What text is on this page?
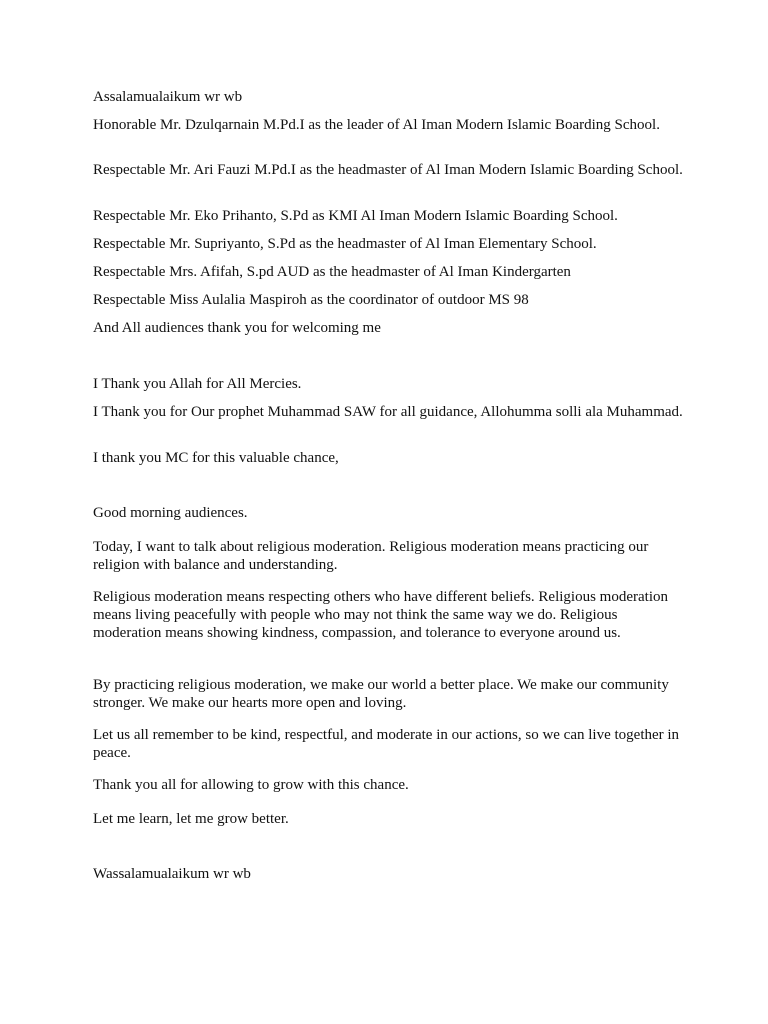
Assalamualaikum wr wb

Honorable Mr. Dzulqarnain M.Pd.I as the leader of Al Iman Modern Islamic Boarding School.

Respectable Mr. Ari Fauzi M.Pd.I as the headmaster of Al Iman Modern Islamic Boarding School.

Respectable Mr. Eko Prihanto, S.Pd as KMI Al Iman Modern Islamic Boarding School.

Respectable Mr. Supriyanto, S.Pd as the headmaster of Al Iman Elementary School.

Respectable Mrs. Afifah, S.pd AUD as the headmaster of Al Iman Kindergarten

Respectable Miss Aulalia Maspiroh as the coordinator of outdoor MS 98

And All audiences thank you for welcoming me

I Thank you Allah for All Mercies.

I Thank you for Our prophet Muhammad SAW for all guidance, Allohumma solli ala Muhammad.

I thank you MC for this valuable chance,

Good morning audiences.

Today, I want to talk about religious moderation. Religious moderation means practicing our religion with balance and understanding.

Religious moderation means respecting others who have different beliefs. Religious moderation means living peacefully with people who may not think the same way we do. Religious moderation means showing kindness, compassion, and tolerance to everyone around us.

By practicing religious moderation, we make our world a better place. We make our community stronger. We make our hearts more open and loving.

Let us all remember to be kind, respectful, and moderate in our actions, so we can live together in peace.

Thank you all for allowing to grow with this chance.

Let me learn, let me grow better.

Wassalamualaikum wr wb
